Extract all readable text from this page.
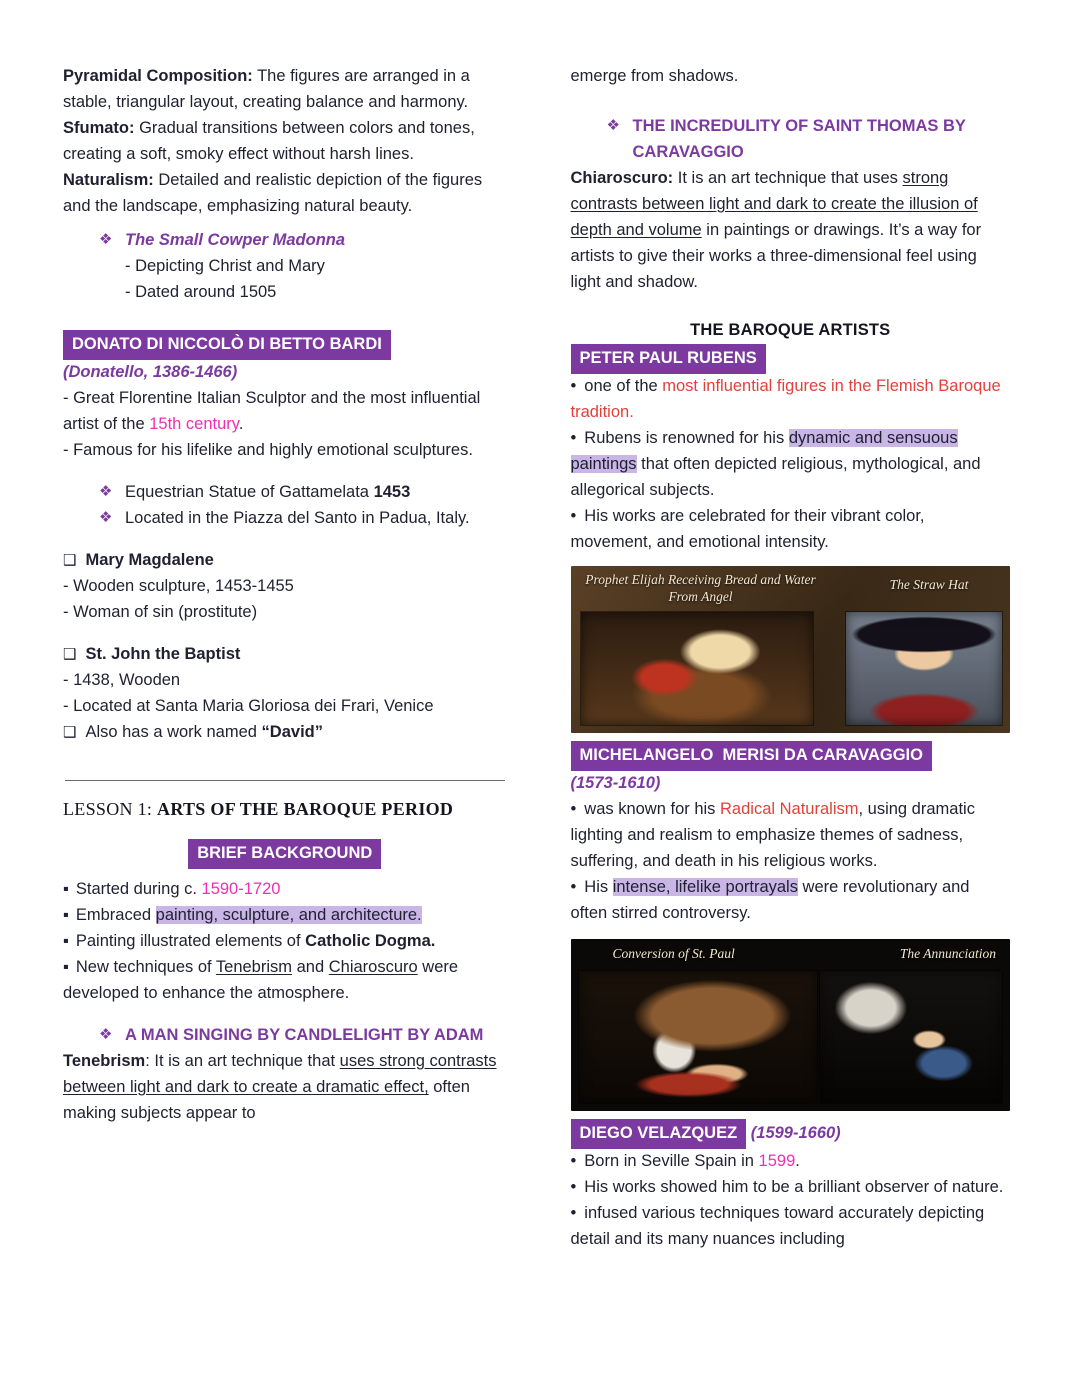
Pyramidal Composition: The figures are arranged in a stable, triangular layout, creating balance and harmony.

Sfumato: Gradual transitions between colors and tones, creating a soft, smoky effect without harsh lines.

Naturalism: Detailed and realistic depiction of the figures and the landscape, emphasizing natural beauty.

❖ The Small Cowper Madonna

- Depicting Christ and Mary

- Dated around 1505

DONATO DI NICCOLÒ DI BETTO BARDI

(Donatello, 1386-1466)

- Great Florentine Italian Sculptor and the most influential artist of the 15th century.

- Famous for his lifelike and highly emotional sculptures.

❖ Equestrian Statue of Gattamelata 1453
❖ Located in the Piazza del Santo in Padua, Italy.

❑ Mary Magdalene

- Wooden sculpture, 1453-1455

- Woman of sin (prostitute)

❑ St. John the Baptist

- 1438, Wooden

- Located at Santa Maria Gloriosa dei Frari, Venice

❑ Also has a work named “David”

LESSON 1: ARTS OF THE BAROQUE PERIOD

BRIEF BACKGROUND

▪ Started during c. 1590-1720

▪ Embraced painting, sculpture, and architecture.

▪ Painting illustrated elements of Catholic Dogma.

▪ New techniques of Tenebrism and Chiaroscuro were developed to enhance the atmosphere.

❖ A MAN SINGING BY CANDLELIGHT BY ADAM

Tenebrism: It is an art technique that uses strong contrasts between light and dark to create a dramatic effect, often making subjects appear to

emerge from shadows.

❖ THE INCREDULITY OF SAINT THOMAS BY CARAVAGGIO

Chiaroscuro: It is an art technique that uses strong contrasts between light and dark to create the illusion of depth and volume in paintings or drawings. It’s a way for artists to give their works a three-dimensional feel using light and shadow.

THE BAROQUE ARTISTS

PETER PAUL RUBENS

• one of the most influential figures in the Flemish Baroque tradition.

• Rubens is renowned for his dynamic and sensuous paintings that often depicted religious, mythological, and allegorical subjects.

• His works are celebrated for their vibrant color, movement, and emotional intensity.

Prophet Elijah Receiving Bread and Water From Angel
The Straw Hat

MICHELANGELO  MERISI DA CARAVAGGIO

(1573-1610)

• was known for his Radical Naturalism, using dramatic lighting and realism to emphasize themes of sadness, suffering, and death in his religious works.

• His intense, lifelike portrayals were revolutionary and often stirred controversy.

Conversion of St. Paul	The Annunciation

DIEGO VELAZQUEZ (1599-1660)

• Born in Seville Spain in 1599.

• His works showed him to be a brilliant observer of nature.

• infused various techniques toward accurately depicting detail and its many nuances including
